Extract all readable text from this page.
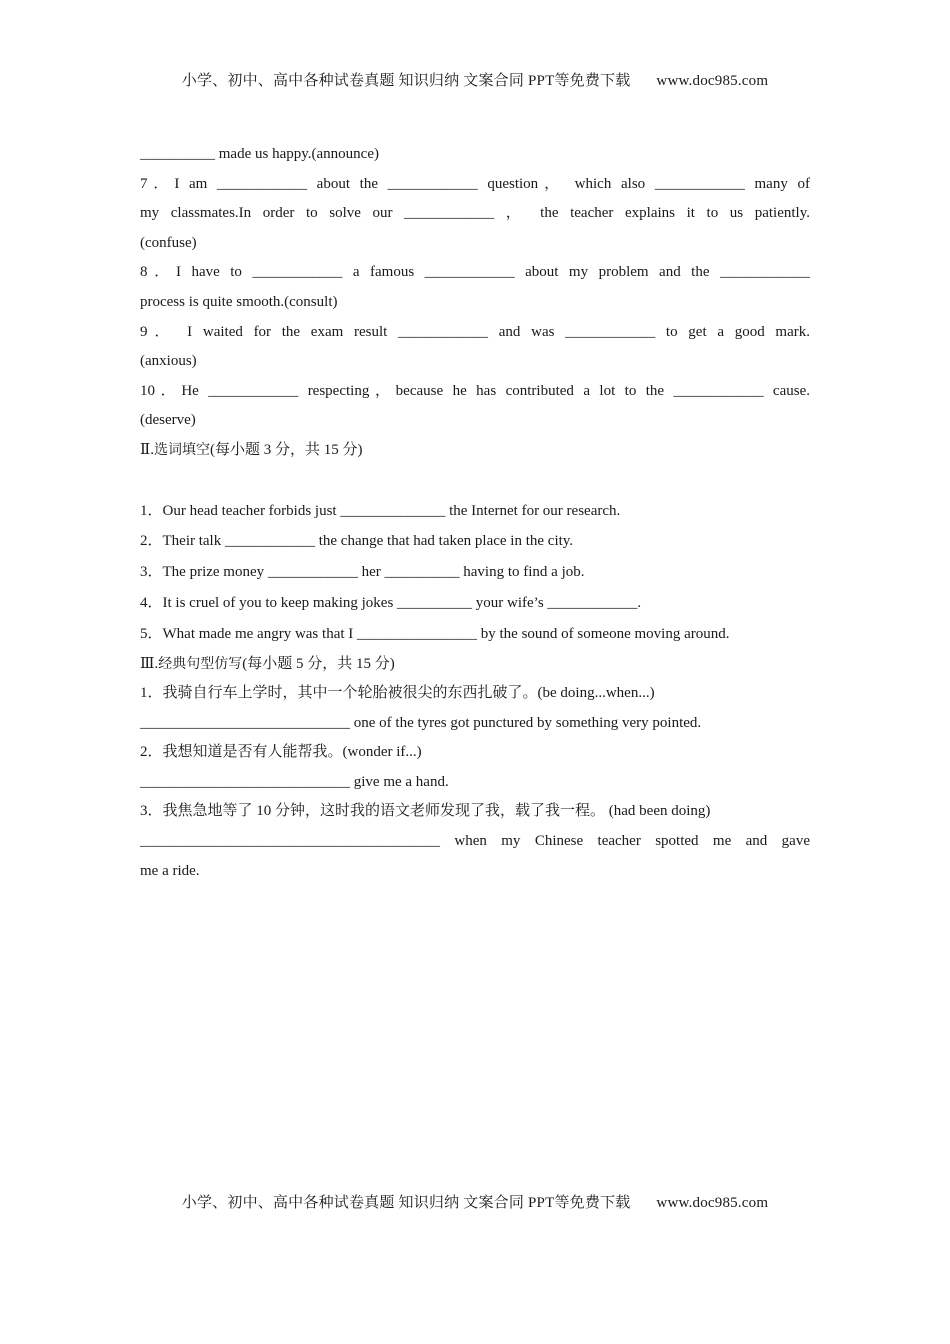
小学、初中、高中各种试卷真题 知识归纳 文案合同 PPT等免费下载 www.doc985.com
__________ made us happy.(announce)
7．I am ____________ about the ____________ question， which also ____________ many of
my classmates.In order to solve our ____________ ， the teacher explains it to us patiently.
(confuse)
8．I have to ____________ a famous ____________ about my problem and the ____________
process is quite smooth.(consult)
9． I waited for the exam result ____________ and was ____________ to get a good mark.
(anxious)
10．He ____________ respecting，because he has contributed a lot to the ____________ cause.
(deserve)
Ⅱ.选词填空(每小题 3 分，共 15 分)
1．Our head teacher forbids just ______________ the Internet for our research.
2．Their talk ____________ the change that had taken place in the city.
3．The prize money ____________ her __________ having to find a job.
4．It is cruel of you to keep making jokes __________ your wife’s ____________.
5．What made me angry was that I ________________ by the sound of someone moving around.
Ⅲ.经典句型仿写(每小题 5 分，共 15 分)
1．我骑自行车上学时，其中一个轮胎被很尖的东西扎破了。(be doing...when...)
____________________________ one of the tyres got punctured by something very pointed.
2．我想知道是否有人能帮我。(wonder if...)
____________________________ give me a hand.
3．我焦急地等了 10 分钟，这时我的语文老师发现了我，载了我一程。 (had been doing)
________________________________________ when my Chinese teacher spotted me and gave
me a ride.
小学、初中、高中各种试卷真题 知识归纳 文案合同 PPT等免费下载 www.doc985.com
